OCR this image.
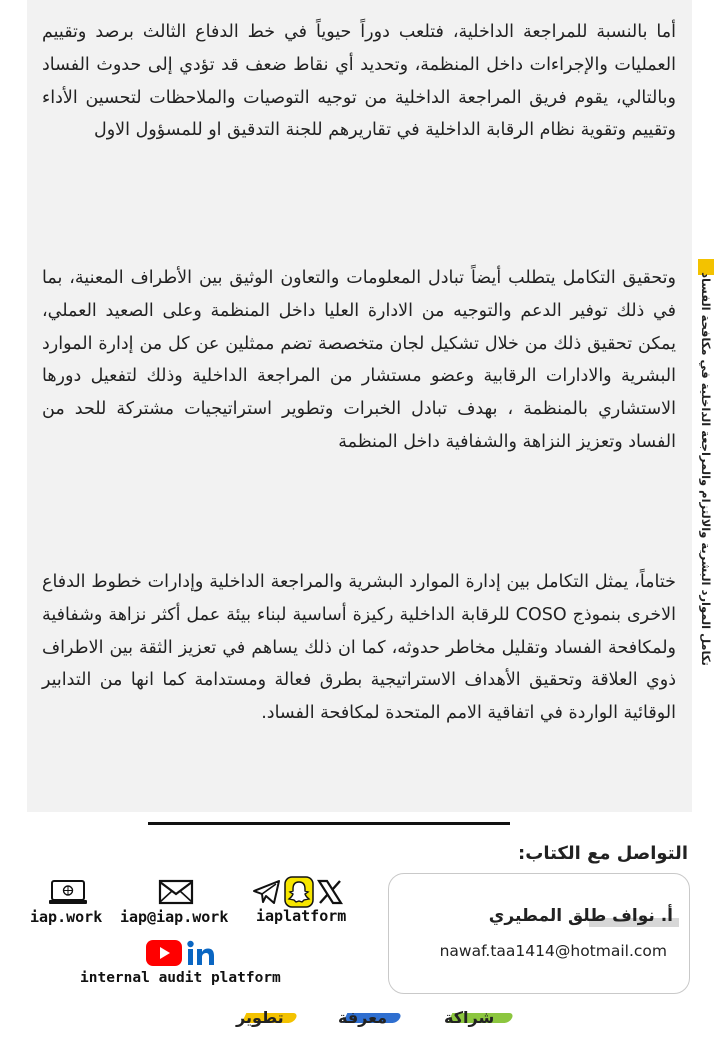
أما بالنسبة للمراجعة الداخلية، فتلعب دوراً حيوياً في خط الدفاع الثالث برصد وتقييم العمليات والإجراءات داخل المنظمة، وتحديد أي نقاط ضعف قد تؤدي إلى حدوث الفساد وبالتالي، يقوم فريق المراجعة الداخلية من توجيه التوصيات والملاحظات لتحسين الأداء وتقييم وتقوية نظام الرقابة الداخلية في تقاريرهم للجنة التدقيق او للمسؤول الاول

وتحقيق التكامل يتطلب أيضاً تبادل المعلومات والتعاون الوثيق بين الأطراف المعنية، بما في ذلك توفير الدعم والتوجيه من الادارة العليا داخل المنظمة وعلى الصعيد العملي، يمكن تحقيق ذلك من خلال تشكيل لجان متخصصة تضم ممثلين عن كل من إدارة الموارد البشرية والادارات الرقابية وعضو مستشار من المراجعة الداخلية وذلك لتفعيل دورها الاستشاري بالمنظمة ، بهدف تبادل الخبرات وتطوير استراتيجيات مشتركة للحد من الفساد وتعزيز النزاهة والشفافية داخل المنظمة

ختاماً، يمثل التكامل بين إدارة الموارد البشرية والمراجعة الداخلية وإدارات خطوط الدفاع الاخرى بنموذج COSO للرقابة الداخلية ركيزة أساسية لبناء بيئة عمل أكثر نزاهة وشفافية ولمكافحة الفساد وتقليل مخاطر حدوثه، كما ان ذلك يساهم في تعزيز الثقة بين الاطراف ذوي العلاقة وتحقيق الأهداف الاستراتيجية بطرق فعالة ومستدامة كما انها من التدابير الوقائية الواردة في اتفاقية الامم المتحدة لمكافحة الفساد.

تكامل الموارد البشرية والالتزام والمراجعة الداخلية في مكافحة الفساد
التواصل مع الكتاب:
أ. نواف طلق المطيري
nawaf.taa1414@hotmail.com
iap.work iap@iap.work iaplatform
internal audit platform
شراكة
معرفة
تطوير
